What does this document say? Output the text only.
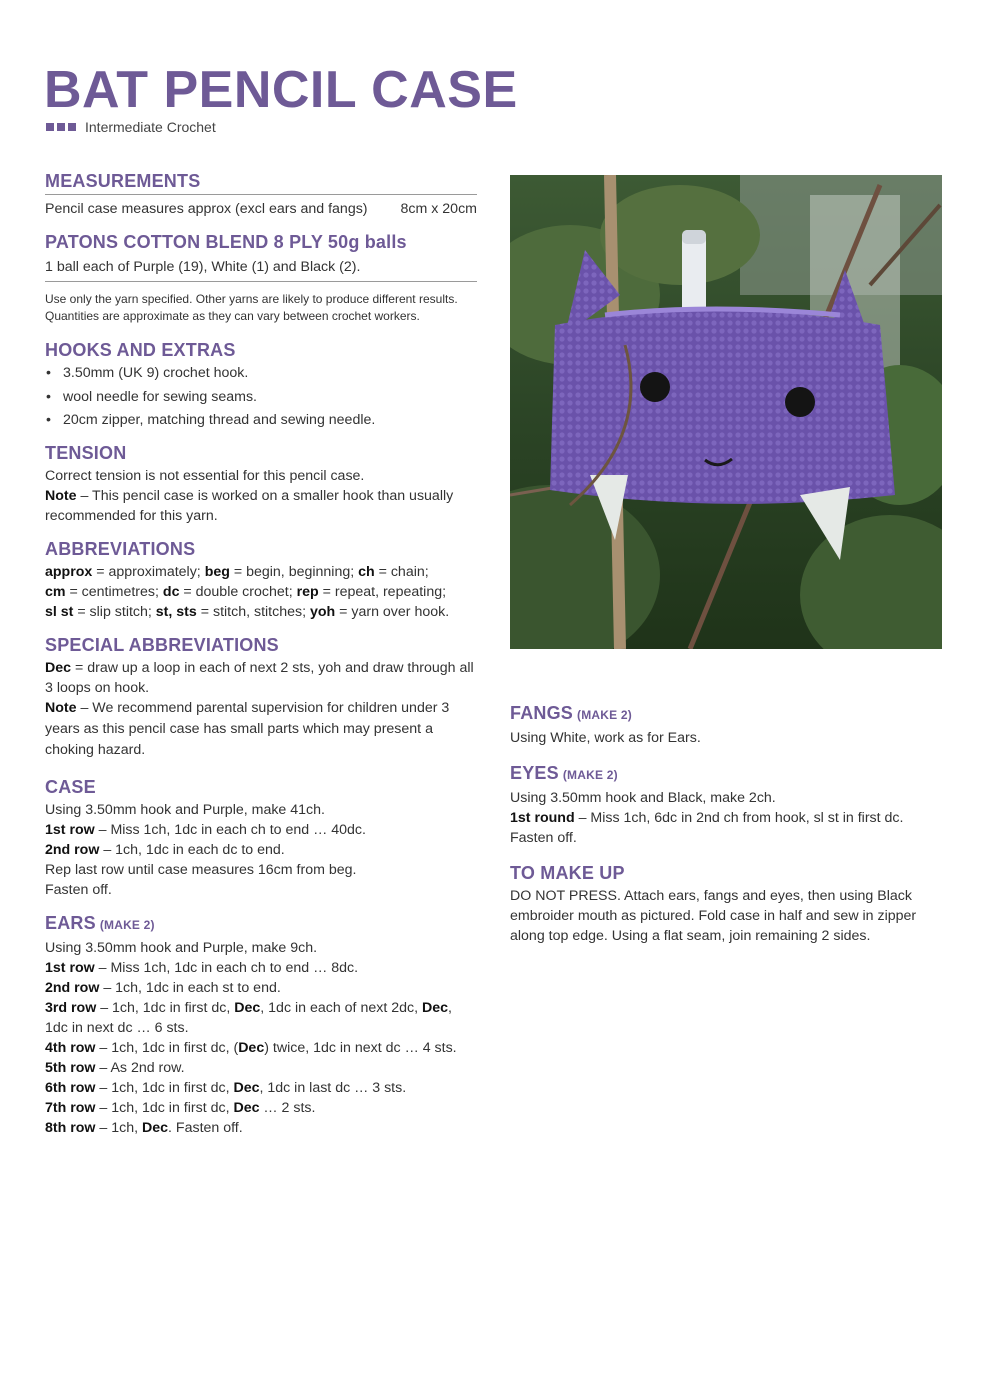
BAT PENCIL CASE
Intermediate Crochet
MEASUREMENTS

Pencil case measures approx (excl ears and fangs) 8cm x 20cm

PATONS COTTON BLEND 8 PLY 50g balls

1 ball each of Purple (19), White (1) and Black (2).

Use only the yarn specified. Other yarns are likely to produce different results.

Quantities are approximate as they can vary between crochet workers.

HOOKS AND EXTRAS
• 3.50mm (UK 9) crochet hook.
• wool needle for sewing seams.
• 20cm zipper, matching thread and sewing needle.
TENSION

Correct tension is not essential for this pencil case.

Note – This pencil case is worked on a smaller hook than usually recommended for this yarn.

ABBREVIATIONS

approx = approximately; beg = begin, beginning; ch = chain;
cm = centimetres; dc = double crochet; rep = repeat, repeating;
sl st = slip stitch; st, sts = stitch, stitches; yoh = yarn over hook.

SPECIAL ABBREVIATIONS

Dec = draw up a loop in each of next 2 sts, yoh and draw through all 3 loops on hook.

Note – We recommend parental supervision for children under 3 years as this pencil case has small parts which may present a choking hazard.

CASE

Using 3.50mm hook and Purple, make 41ch.

1st row – Miss 1ch, 1dc in each ch to end … 40dc.

2nd row – 1ch, 1dc in each dc to end.

Rep last row until case measures 16cm from beg.

Fasten off.

EARS (MAKE 2)

Using 3.50mm hook and Purple, make 9ch.

1st row – Miss 1ch, 1dc in each ch to end … 8dc.

2nd row – 1ch, 1dc in each st to end.

3rd row – 1ch, 1dc in first dc, Dec, 1dc in each of next 2dc, Dec, 1dc in next dc … 6 sts.

4th row – 1ch, 1dc in first dc, (Dec) twice, 1dc in next dc … 4 sts.

5th row – As 2nd row.

6th row – 1ch, 1dc in first dc, Dec, 1dc in last dc … 3 sts.

7th row – 1ch, 1dc in first dc, Dec … 2 sts.

8th row – 1ch, Dec. Fasten off.

FANGS (MAKE 2)

Using White, work as for Ears.

EYES (MAKE 2)

Using 3.50mm hook and Black, make 2ch.

1st round – Miss 1ch, 6dc in 2nd ch from hook, sl st in first dc.

Fasten off.

TO MAKE UP

DO NOT PRESS. Attach ears, fangs and eyes, then using Black embroider mouth as pictured. Fold case in half and sew in zipper along top edge. Using a flat seam, join remaining 2 sides.
